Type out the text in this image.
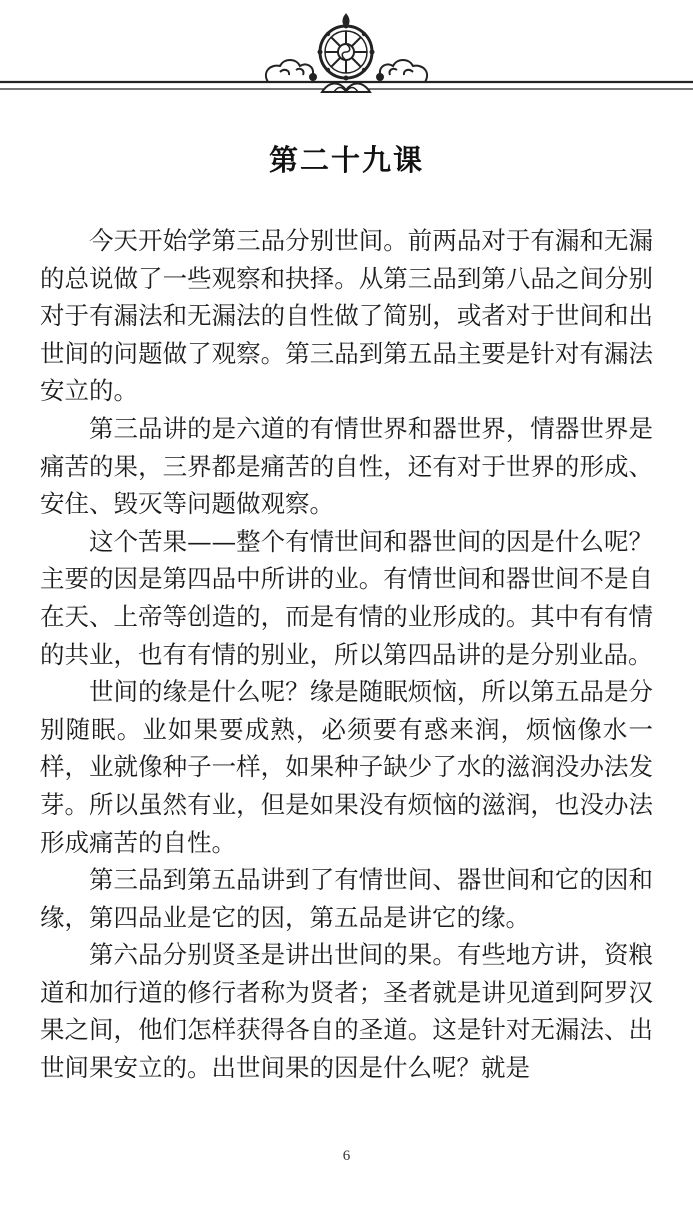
第二十九课

今天开始学第三品分别世间。前两品对于有漏和无漏的总说做了一些观察和抉择。从第三品到第八品之间分别对于有漏法和无漏法的自性做了简别，或者对于世间和出世间的问题做了观察。第三品到第五品主要是针对有漏法安立的。

第三品讲的是六道的有情世界和器世界，情器世界是痛苦的果，三界都是痛苦的自性，还有对于世界的形成、安住、毁灭等问题做观察。

这个苦果——整个有情世间和器世间的因是什么呢？主要的因是第四品中所讲的业。有情世间和器世间不是自在天、上帝等创造的，而是有情的业形成的。其中有有情的共业，也有有情的别业，所以第四品讲的是分别业品。

世间的缘是什么呢？缘是随眠烦恼，所以第五品是分别随眠。业如果要成熟，必须要有惑来润，烦恼像水一样，业就像种子一样，如果种子缺少了水的滋润没办法发芽。所以虽然有业，但是如果没有烦恼的滋润，也没办法形成痛苦的自性。

第三品到第五品讲到了有情世间、器世间和它的因和缘，第四品业是它的因，第五品是讲它的缘。

第六品分别贤圣是讲出世间的果。有些地方讲，资粮道和加行道的修行者称为贤者；圣者就是讲见道到阿罗汉果之间，他们怎样获得各自的圣道。这是针对无漏法、出世间果安立的。出世间果的因是什么呢？就是

6
